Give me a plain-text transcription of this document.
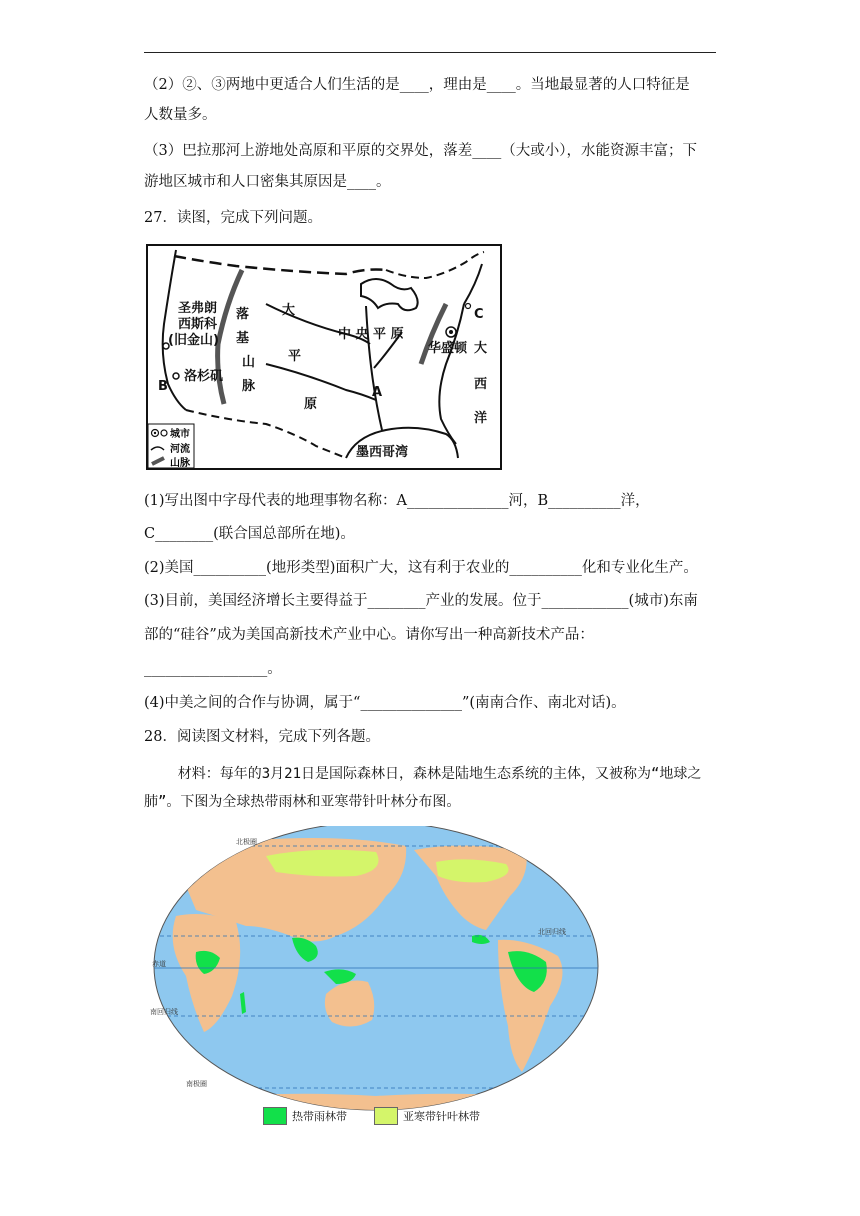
（2）②、③两地中更适合人们生活的是____，理由是____。当地最显著的人口特征是
人数量多。
（3）巴拉那河上游地处高原和平原的交界处，落差____（大或小），水能资源丰富；下
游地区城市和人口密集其原因是____。
27．读图，完成下列问题。
圣弗朗
西斯科
(旧金山)
洛杉矶
B
落
基
山
脉
大
平
原
中 央 平 原
华盛顿
C
大
西
洋
A
墨西哥湾
城市
河流
山脉
(1)写出图中字母代表的地理事物名称：A______________河，B__________洋，
C________(联合国总部所在地)。
(2)美国__________(地形类型)面积广大，这有利于农业的__________化和专业化生产。
(3)目前，美国经济增长主要得益于________产业的发展。位于____________(城市)东南
部的“硅谷”成为美国高新技术产业中心。请你写出一种高新技术产品：
_________________。
(4)中美之间的合作与协调，属于“______________”(南南合作、南北对话)。
28．阅读图文材料，完成下列各题。
材料：每年的3月21日是国际森林日，森林是陆地生态系统的主体，又被称为“地球之肺”。下图为全球热带雨林和亚寒带针叶林分布图。
北极圈
北回归线
赤道
南回归线
南极圈
热带雨林带	亚寒带针叶林带
